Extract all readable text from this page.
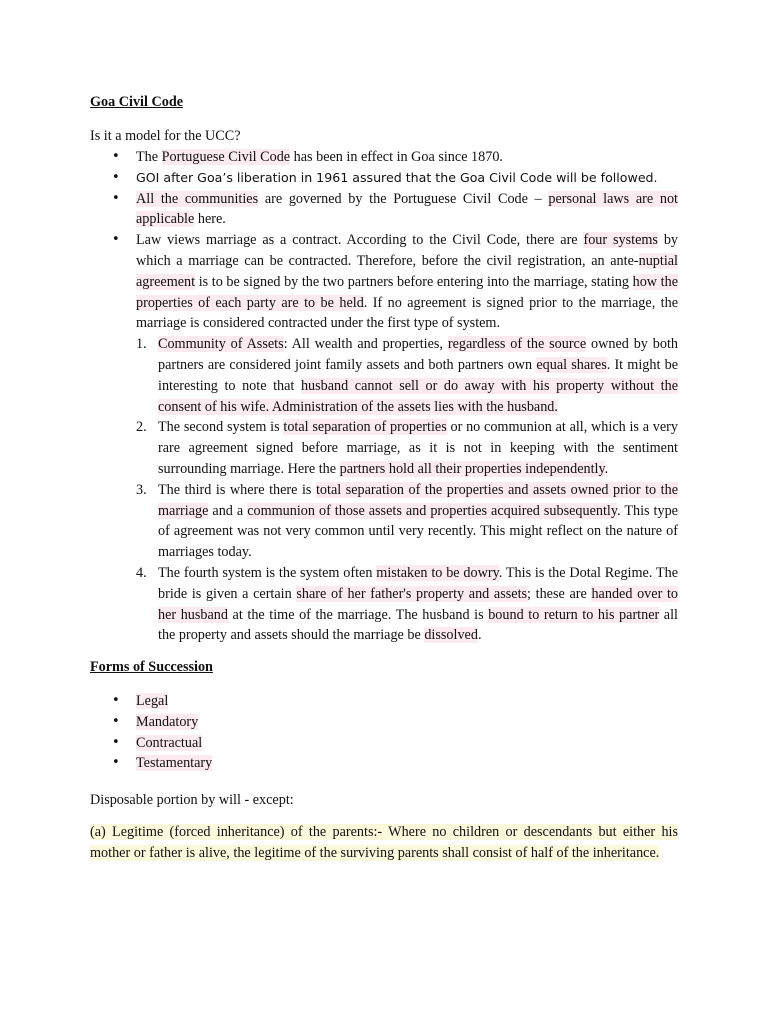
Goa Civil Code

Is it a model for the UCC?

• The Portuguese Civil Code has been in effect in Goa since 1870.
• GOI after Goa’s liberation in 1961 assured that the Goa Civil Code will be followed.
• All the communities are governed by the Portuguese Civil Code – personal laws are not applicable here.
• Law views marriage as a contract. According to the Civil Code, there are four systems by which a marriage can be contracted. Therefore, before the civil registration, an ante-nuptial agreement is to be signed by the two partners before entering into the marriage, stating how the properties of each party are to be held. If no agreement is signed prior to the marriage, the marriage is considered contracted under the first type of system.
1. Community of Assets: All wealth and properties, regardless of the source owned by both partners are considered joint family assets and both partners own equal shares. It might be interesting to note that husband cannot sell or do away with his property without the consent of his wife. Administration of the assets lies with the husband.
2. The second system is total separation of properties or no communion at all, which is a very rare agreement signed before marriage, as it is not in keeping with the sentiment surrounding marriage. Here the partners hold all their properties independently.
3. The third is where there is total separation of the properties and assets owned prior to the marriage and a communion of those assets and properties acquired subsequently. This type of agreement was not very common until very recently. This might reflect on the nature of marriages today.
4. The fourth system is the system often mistaken to be dowry. This is the Dotal Regime. The bride is given a certain share of her father's property and assets; these are handed over to her husband at the time of the marriage. The husband is bound to return to his partner all the property and assets should the marriage be dissolved.
Forms of Succession
• Legal
• Mandatory
• Contractual
• Testamentary

Disposable portion by will - except:

(a) Legitime (forced inheritance) of the parents:- Where no children or descendants but either his mother or father is alive, the legitime of the surviving parents shall consist of half of the inheritance.
